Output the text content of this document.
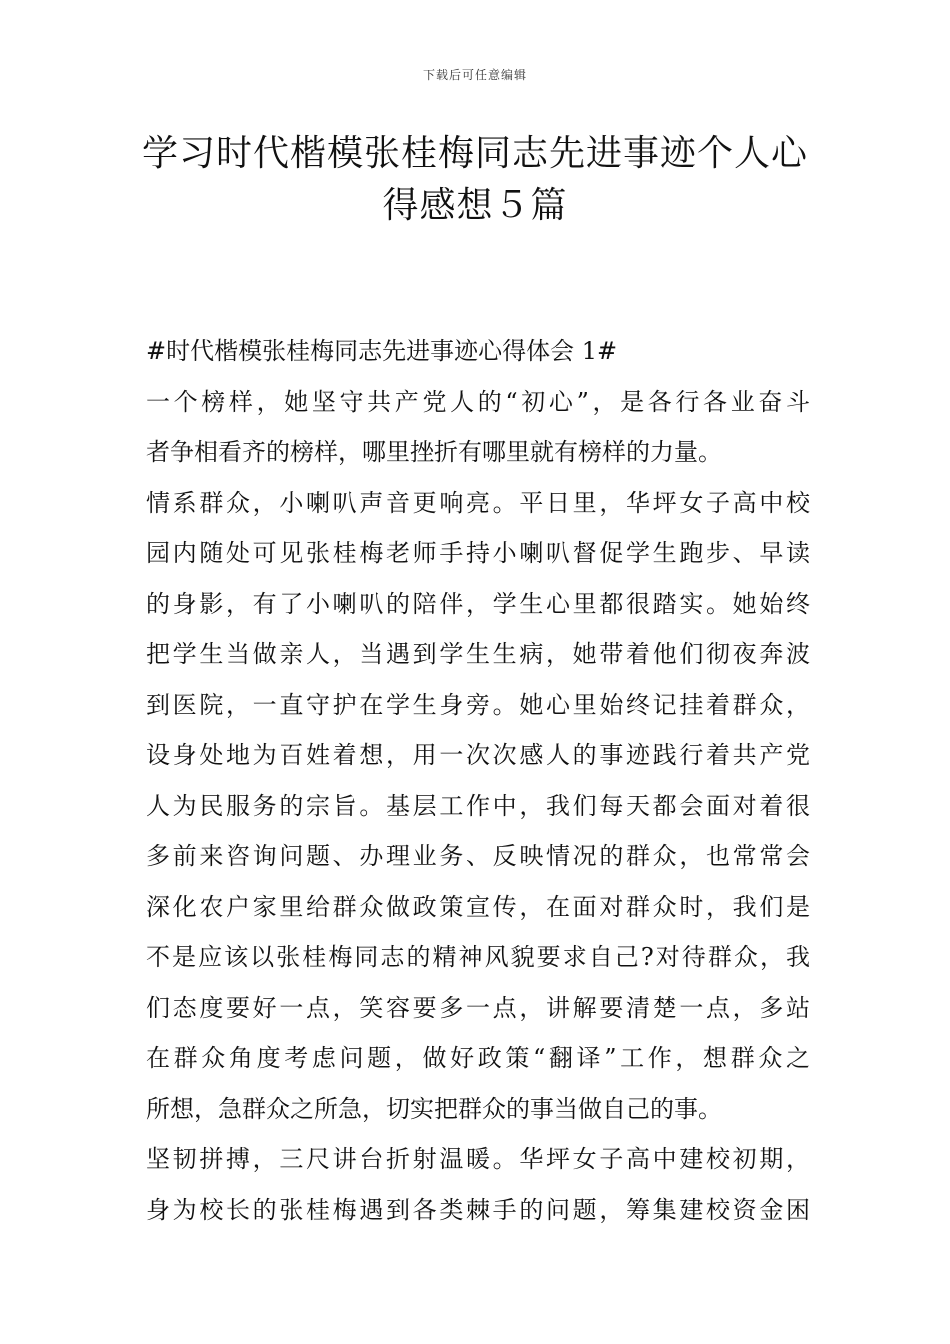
下载后可任意编辑
学习时代楷模张桂梅同志先进事迹个人心
得感想５篇
#时代楷模张桂梅同志先进事迹心得体会 1#
一个榜样，她坚守共产党人的“初心”，是各行各业奋斗
者争相看齐的榜样，哪里挫折有哪里就有榜样的力量。
情系群众，小喇叭声音更响亮。平日里，华坪女子高中校
园内随处可见张桂梅老师手持小喇叭督促学生跑步、早读
的身影，有了小喇叭的陪伴，学生心里都很踏实。她始终
把学生当做亲人，当遇到学生生病，她带着他们彻夜奔波
到医院，一直守护在学生身旁。她心里始终记挂着群众，
设身处地为百姓着想，用一次次感人的事迹践行着共产党
人为民服务的宗旨。基层工作中，我们每天都会面对着很
多前来咨询问题、办理业务、反映情况的群众，也常常会
深化农户家里给群众做政策宣传，在面对群众时，我们是
不是应该以张桂梅同志的精神风貌要求自己?对待群众，我
们态度要好一点，笑容要多一点，讲解要清楚一点，多站
在群众角度考虑问题，做好政策“翻译”工作，想群众之
所想，急群众之所急，切实把群众的事当做自己的事。
坚韧拼搏，三尺讲台折射温暖。华坪女子高中建校初期，
身为校长的张桂梅遇到各类棘手的问题，筹集建校资金困
